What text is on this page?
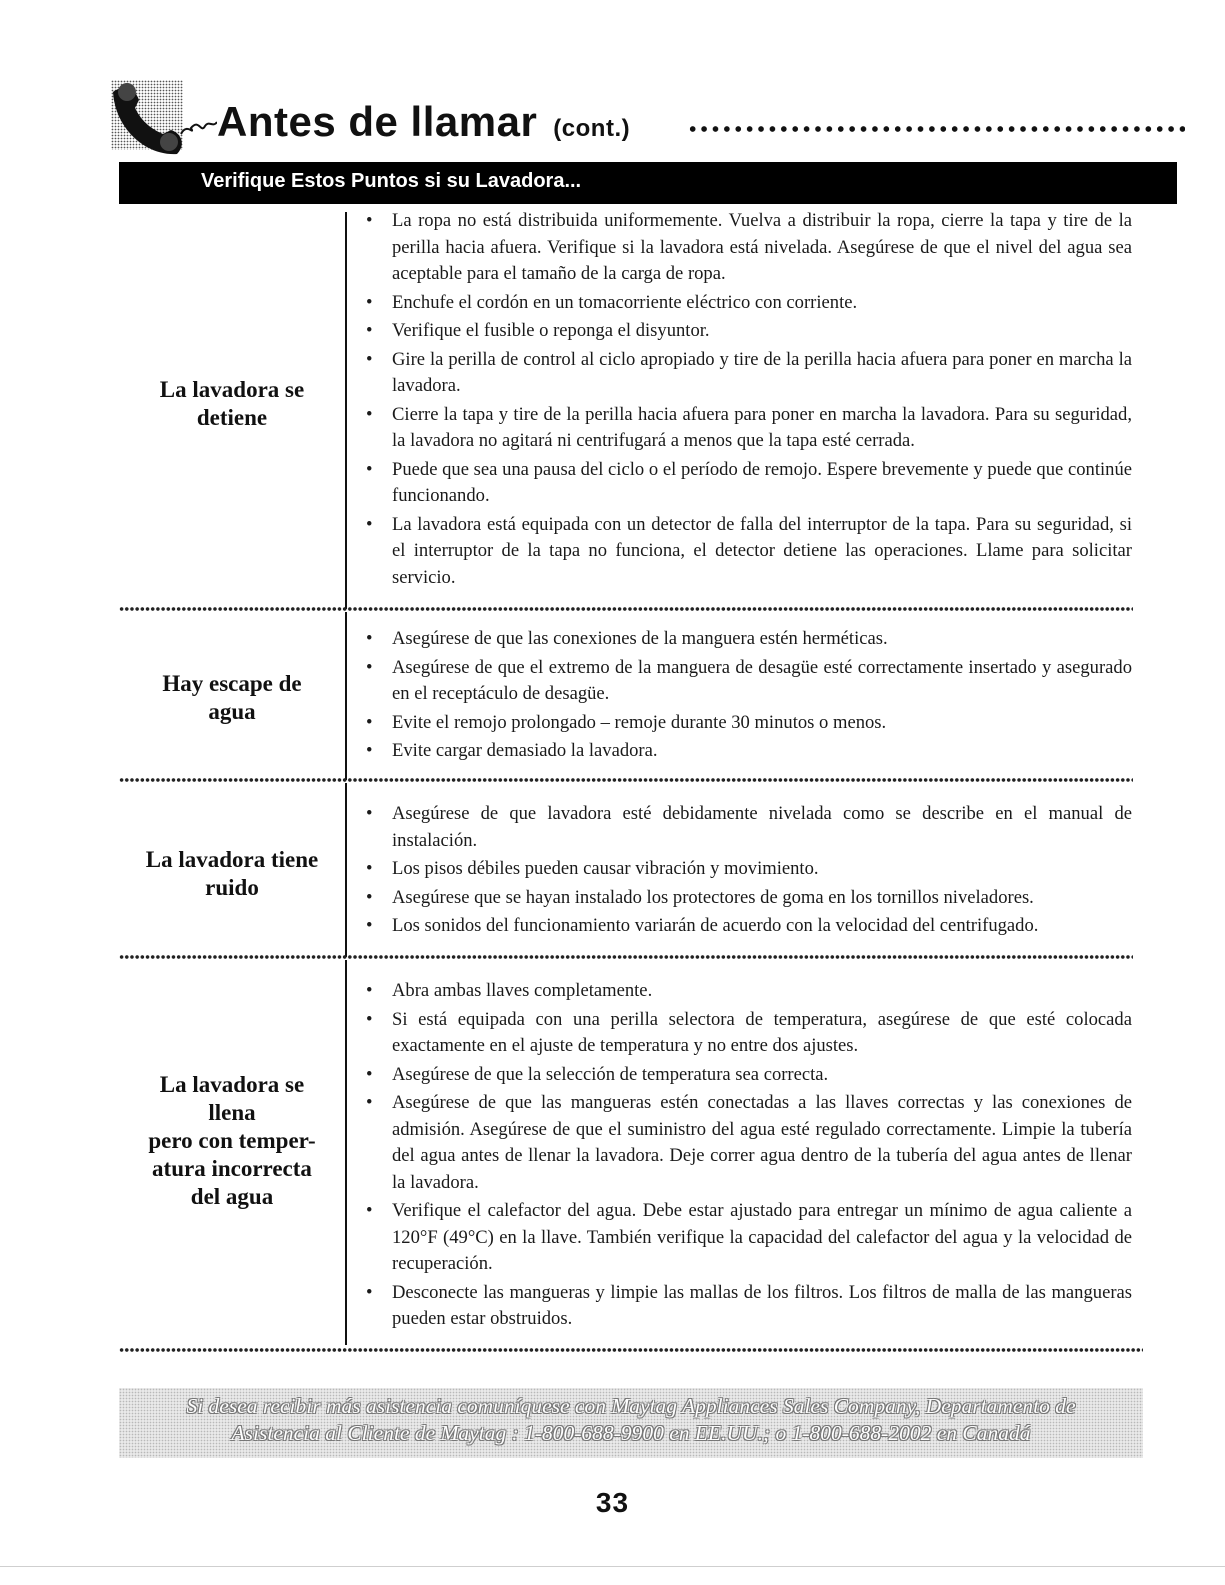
Antes de llamar (cont.)
Verifique Estos Puntos si su Lavadora...
La lavadora se
detiene
• La ropa no está distribuida uniformemente. Vuelva a distribuir la ropa, cierre la tapa y tire de la perilla hacia afuera. Verifique si la lavadora está nivelada. Asegúrese de que el nivel del agua sea aceptable para el tamaño de la carga de ropa.
• Enchufe el cordón en un tomacorriente eléctrico con corriente.
• Verifique el fusible o reponga el disyuntor.
• Gire la perilla de control al ciclo apropiado y tire de la perilla hacia afuera para poner en marcha la lavadora.
• Cierre la tapa y tire de la perilla hacia afuera para poner en marcha la lavadora. Para su seguridad, la lavadora no agitará ni centrifugará a menos que la tapa esté cerrada.
• Puede que sea una pausa del ciclo o el período de remojo. Espere brevemente y puede que continúe funcionando.
• La lavadora está equipada con un detector de falla del interruptor de la tapa. Para su seguridad, si el interruptor de la tapa no funciona, el detector detiene las operaciones. Llame para solicitar servicio.
Hay escape de
agua
• Asegúrese de que las conexiones de la manguera estén herméticas.
• Asegúrese de que el extremo de la manguera de desagüe esté correctamente insertado y asegurado en el receptáculo de desagüe.
• Evite el remojo prolongado – remoje durante 30 minutos o menos.
• Evite cargar demasiado la lavadora.
La lavadora tiene
ruido
• Asegúrese de que lavadora esté debidamente nivelada como se describe en el manual de instalación.
• Los pisos débiles pueden causar vibración y movimiento.
• Asegúrese que se hayan instalado los protectores de goma en los tornillos niveladores.
• Los sonidos del funcionamiento variarán de acuerdo con la velocidad del centrifugado.
La lavadora se
llena
pero con temper-
atura incorrecta
del agua
• Abra ambas llaves completamente.
• Si está equipada con una perilla selectora de temperatura, asegúrese de que esté colocada exactamente en el ajuste de temperatura y no entre dos ajustes.
• Asegúrese de que la selección de temperatura sea correcta.
• Asegúrese de que las mangueras estén conectadas a las llaves correctas y las conexiones de admisión. Asegúrese de que el suministro del agua esté regulado correctamente. Limpie la tubería del agua antes de llenar la lavadora. Deje correr agua dentro de la tubería del agua antes de llenar la lavadora.
• Verifique el calefactor del agua. Debe estar ajustado para entregar un mínimo de agua caliente a 120°F (49°C) en la llave. También verifique la capacidad del calefactor del agua y la velocidad de recuperación.
• Desconecte las mangueras y limpie las mallas de los filtros. Los filtros de malla de las mangueras pueden estar obstruidos.
Si desea recibir más asistencia comuníquese con Maytag Appliances Sales Company, Departamento de
Asistencia al Cliente de Maytag : 1-800-688-9900 en EE.UU.; o 1-800-688-2002 en Canadá
33
